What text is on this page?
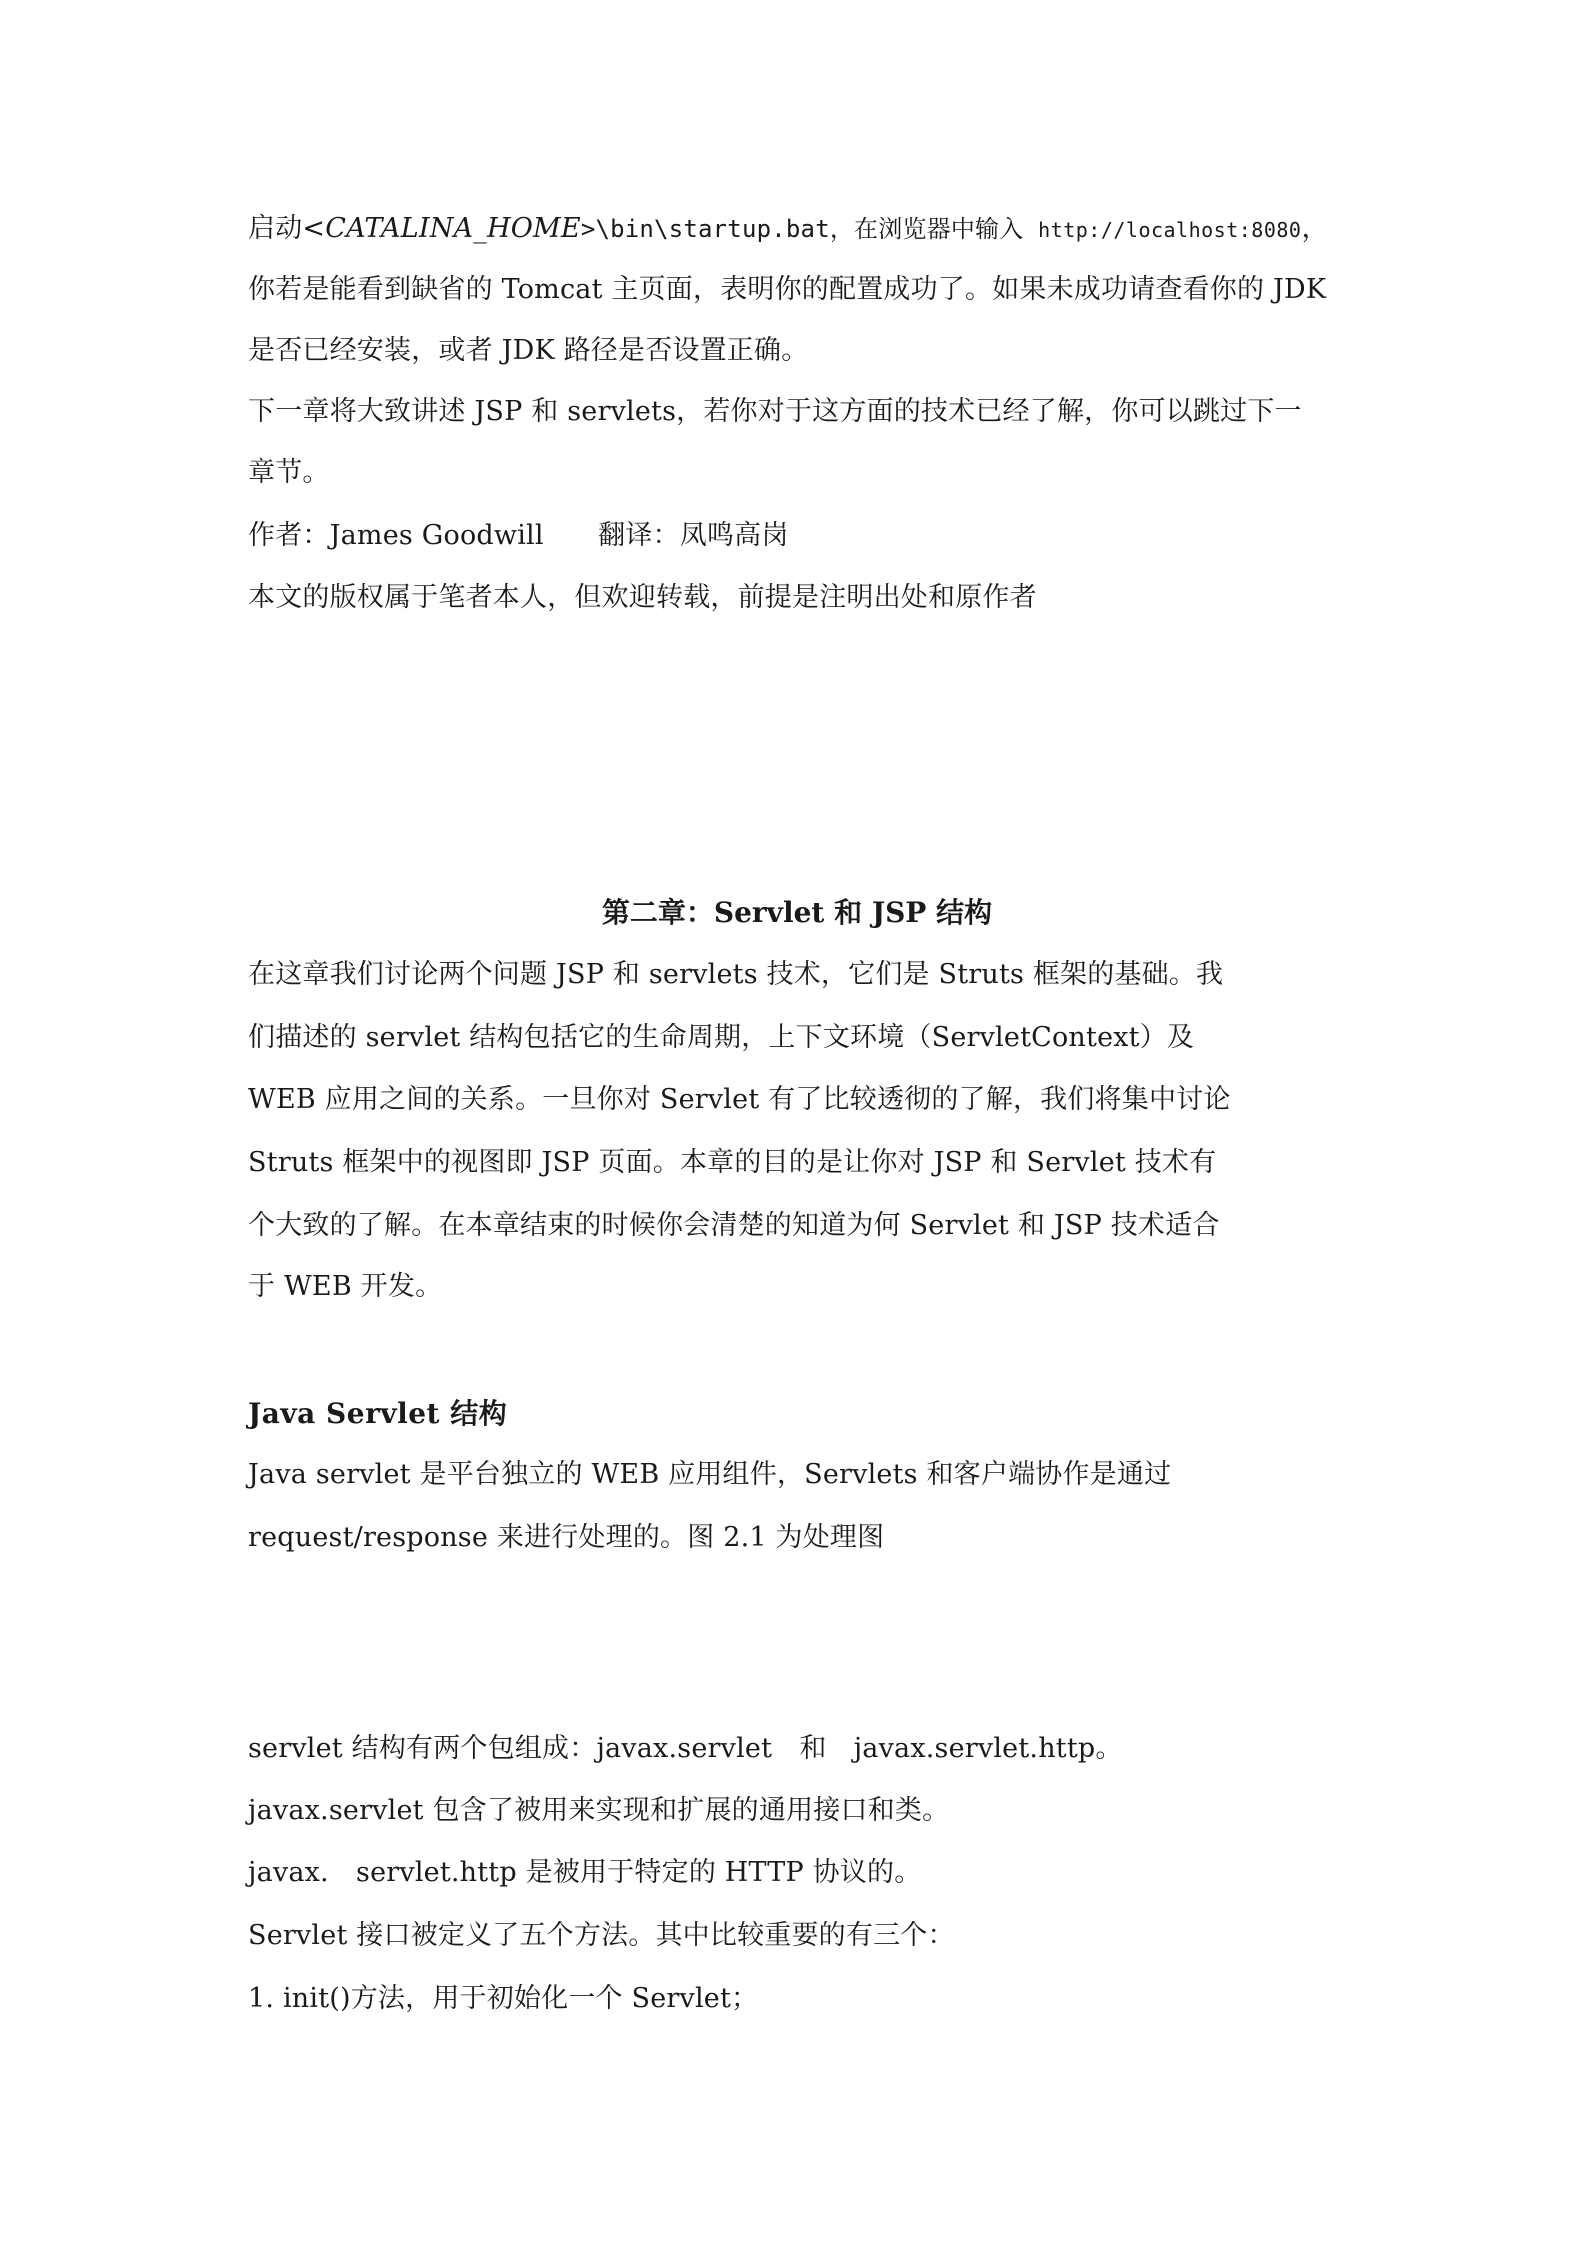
启动<CATALINA_HOME>\bin\startup.bat，在浏览器中输入 http://localhost:8080，
你若是能看到缺省的 Tomcat 主页面，表明你的配置成功了。如果未成功请查看你的 JDK
是否已经安装，或者 JDK 路径是否设置正确。
下一章将大致讲述 JSP 和 servlets，若你对于这方面的技术已经了解，你可以跳过下一
章节。
作者：James Goodwill　　翻译：凤鸣高岗
本文的版权属于笔者本人，但欢迎转载，前提是注明出处和原作者
第二章：Servlet 和 JSP 结构
在这章我们讨论两个问题 JSP 和 servlets 技术，它们是 Struts 框架的基础。我
们描述的 servlet 结构包括它的生命周期，上下文环境（ServletContext）及
WEB 应用之间的关系。一旦你对 Servlet 有了比较透彻的了解，我们将集中讨论
Struts 框架中的视图即 JSP 页面。本章的目的是让你对 JSP 和 Servlet 技术有
个大致的了解。在本章结束的时候你会清楚的知道为何 Servlet 和 JSP 技术适合
于 WEB 开发。
Java Servlet 结构
Java servlet 是平台独立的 WEB 应用组件，Servlets 和客户端协作是通过
request/response 来进行处理的。图 2.1 为处理图
servlet 结构有两个包组成：javax.servlet　和　javax.servlet.http。
javax.servlet 包含了被用来实现和扩展的通用接口和类。
javax.　servlet.http 是被用于特定的 HTTP 协议的。
Servlet 接口被定义了五个方法。其中比较重要的有三个：
1. init()方法，用于初始化一个 Servlet；
